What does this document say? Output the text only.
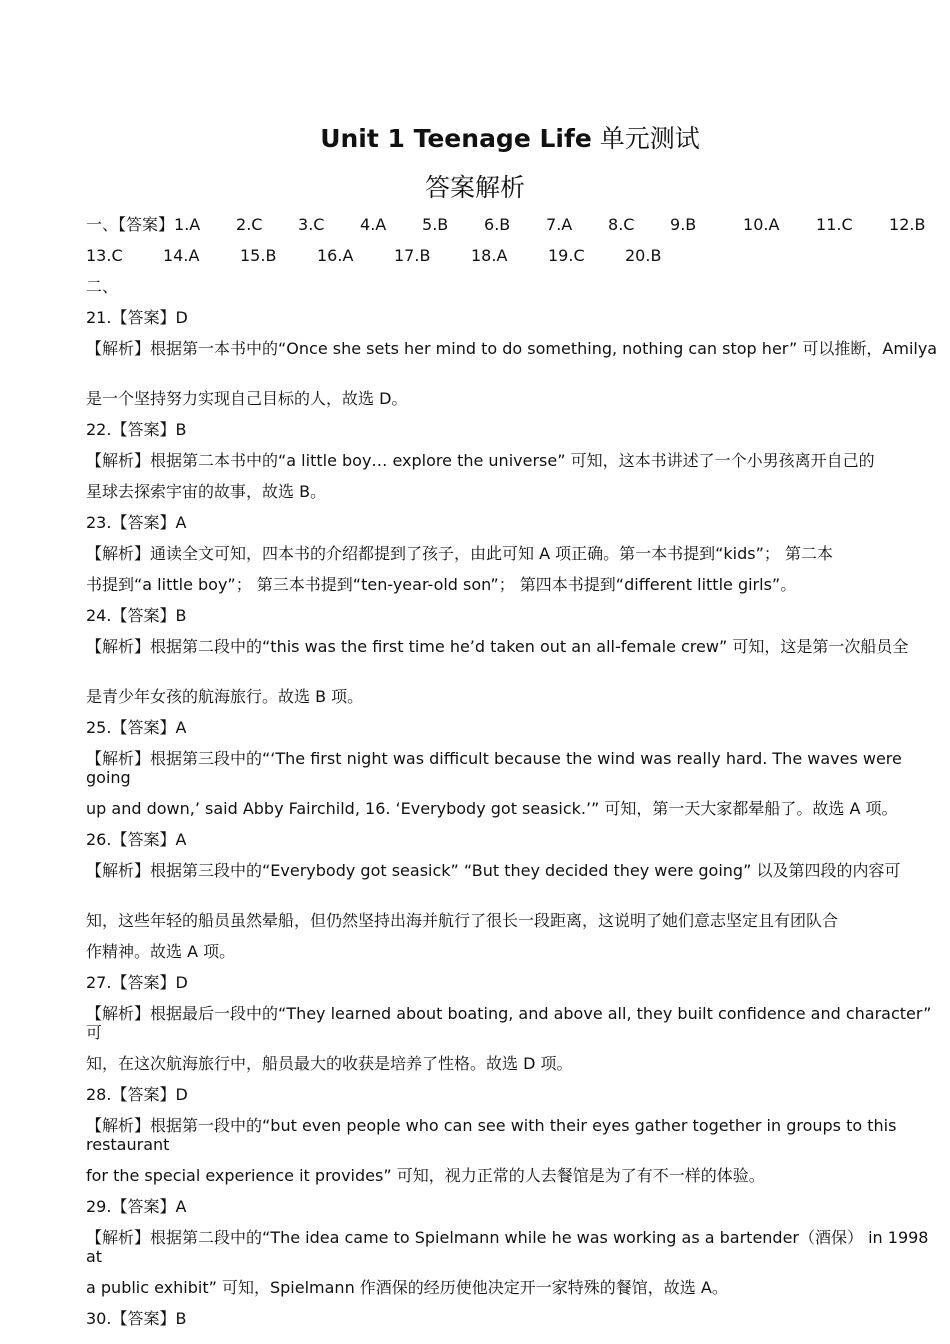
Unit 1 Teenage Life 单元测试
答案解析
一、【答案】 1.A	2.C	3.C	4.A	5.B	6.B	7.A	8.C	9.B	10.A	11.C	12.B
13.C	14.A	15.B	16.A	17.B	18.A	19.C	20.B
二、
21.【答案】D
【解析】根据第一本书中的“Once she sets her mind to do something, nothing can stop her” 可以推断，Amilya
是一个坚持努力实现自己目标的人，故选 D。
22.【答案】B
【解析】根据第二本书中的“a little boy… explore the universe” 可知，这本书讲述了一个小男孩离开自己的
星球去探索宇宙的故事，故选 B。
23.【答案】A
【解析】通读全文可知，四本书的介绍都提到了孩子，由此可知 A 项正确。第一本书提到“kids”； 第二本
书提到“a little boy”； 第三本书提到“ten-year-old son”； 第四本书提到“different little girls”。
24.【答案】B
【解析】根据第二段中的“this was the first time he’d taken out an all-female crew” 可知，这是第一次船员全
是青少年女孩的航海旅行。故选 B 项。
25.【答案】A
【解析】根据第三段中的“‘The first night was difficult because the wind was really hard. The waves were going
up and down,’ said Abby Fairchild, 16. ‘Everybody got seasick.’” 可知，第一天大家都晕船了。故选 A 项。
26.【答案】A
【解析】根据第三段中的“Everybody got seasick” “But they decided they were going” 以及第四段的内容可
知，这些年轻的船员虽然晕船，但仍然坚持出海并航行了很长一段距离，这说明了她们意志坚定且有团队合
作精神。故选 A 项。
27.【答案】D
【解析】根据最后一段中的“They learned about boating, and above all, they built confidence and character” 可
知，在这次航海旅行中，船员最大的收获是培养了性格。故选 D 项。
28.【答案】D
【解析】根据第一段中的“but even people who can see with their eyes gather together in groups to this restaurant
for the special experience it provides” 可知，视力正常的人去餐馆是为了有不一样的体验。
29.【答案】A
【解析】根据第二段中的“The idea came to Spielmann while he was working as a bartender（酒保） in 1998 at
a public exhibit” 可知，Spielmann 作酒保的经历使他决定开一家特殊的餐馆，故选 A。
30.【答案】B
